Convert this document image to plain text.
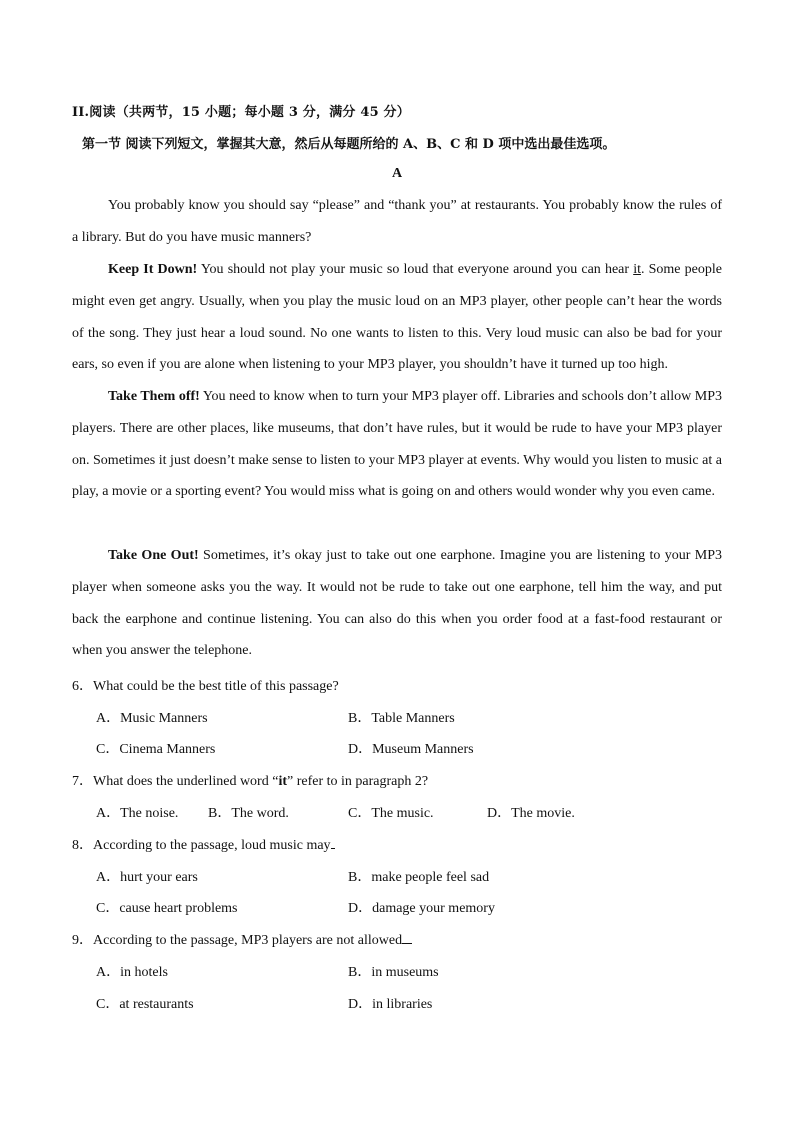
II.阅读（共两节，15 小题；每小题 3 分，满分 45 分）
第一节 阅读下列短文，掌握其大意，然后从每题所给的 A、B、C 和 D 项中选出最佳选项。
A
You probably know you should say “please” and “thank you” at restaurants. You probably know the rules of a library. But do you have music manners?
Keep It Down! You should not play your music so loud that everyone around you can hear it. Some people might even get angry. Usually, when you play the music loud on an MP3 player, other people can’t hear the words of the song. They just hear a loud sound. No one wants to listen to this. Very loud music can also be bad for your ears, so even if you are alone when listening to your MP3 player, you shouldn’t have it turned up too high.
Take Them off! You need to know when to turn your MP3 player off. Libraries and schools don’t allow MP3 players. There are other places, like museums, that don’t have rules, but it would be rude to have your MP3 player on. Sometimes it just doesn’t make sense to listen to your MP3 player at events. Why would you listen to music at a play, a movie or a sporting event? You would miss what is going on and others would wonder why you even came.
Take One Out! Sometimes, it’s okay just to take out one earphone. Imagine you are listening to your MP3 player when someone asks you the way. It would not be rude to take out one earphone, tell him the way, and put back the earphone and continue listening. You can also do this when you order food at a fast-food restaurant or when you answer the telephone.
6．What could be the best title of this passage?
A．Music Manners	B．Table Manners
C．Cinema Manners	D．Museum Manners
7．What does the underlined word “it” refer to in paragraph 2?
A．The noise. B．The word.	C．The music.	D．The movie.
8．According to the passage, loud music may
A．hurt your ears	B．make people feel sad
C．cause heart problems	D．damage your memory
9．According to the passage, MP3 players are not allowed
A．in hotels	B．in museums
C．at restaurants	D．in libraries
